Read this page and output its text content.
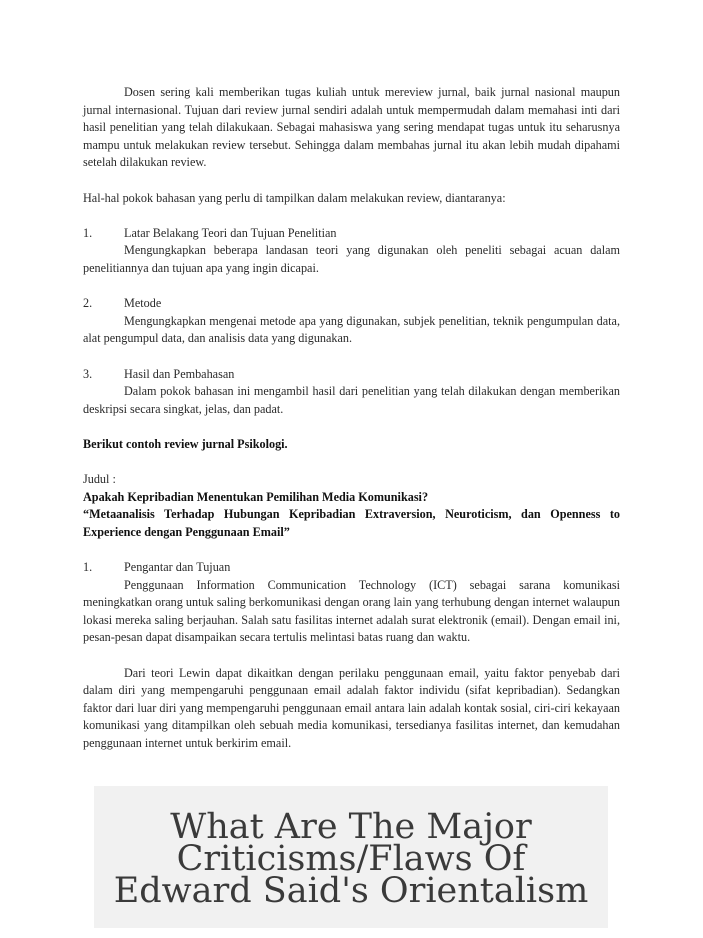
Dosen sering kali memberikan tugas kuliah untuk mereview jurnal, baik jurnal nasional maupun jurnal internasional. Tujuan dari review jurnal sendiri adalah untuk mempermudah dalam memahasi inti dari hasil penelitian yang telah dilakukaan. Sebagai mahasiswa yang sering mendapat tugas untuk itu seharusnya mampu untuk melakukan review tersebut. Sehingga dalam membahas jurnal itu akan lebih mudah dipahami setelah dilakukan review.

Hal-hal pokok bahasan yang perlu di tampilkan dalam melakukan review, diantaranya:

1.	Latar Belakang Teori dan Tujuan Penelitian

Mengungkapkan beberapa landasan teori yang digunakan oleh peneliti sebagai acuan dalam penelitiannya dan tujuan apa yang ingin dicapai.

2.	Metode

Mengungkapkan mengenai metode apa yang digunakan, subjek penelitian, teknik pengumpulan data, alat pengumpul data, dan analisis data yang digunakan.

3.	Hasil dan Pembahasan

Dalam pokok bahasan ini mengambil hasil dari penelitian yang telah dilakukan dengan memberikan deskripsi secara singkat, jelas, dan padat.

Berikut contoh review jurnal Psikologi.

Judul :

Apakah Kepribadian Menentukan Pemilihan Media Komunikasi?

“Metaanalisis Terhadap Hubungan Kepribadian Extraversion, Neuroticism, dan Openness to Experience dengan Penggunaan Email”

1.	Pengantar dan Tujuan

Penggunaan Information Communication Technology (ICT) sebagai sarana komunikasi meningkatkan orang untuk saling berkomunikasi dengan orang lain yang terhubung dengan internet walaupun lokasi mereka saling berjauhan. Salah satu fasilitas internet adalah surat elektronik (email). Dengan email ini, pesan-pesan dapat disampaikan secara tertulis melintasi batas ruang dan waktu.

Dari teori Lewin dapat dikaitkan dengan perilaku penggunaan email, yaitu faktor penyebab dari dalam diri yang mempengaruhi penggunaan email adalah faktor individu (sifat kepribadian). Sedangkan faktor dari luar diri yang mempengaruhi penggunaan email antara lain adalah kontak sosial, ciri-ciri kekayaan komunikasi yang ditampilkan oleh sebuah media komunikasi, tersedianya fasilitas internet, dan kemudahan penggunaan internet untuk berkirim email.

What Are The Major Criticisms/Flaws Of Edward Said's Orientalism
